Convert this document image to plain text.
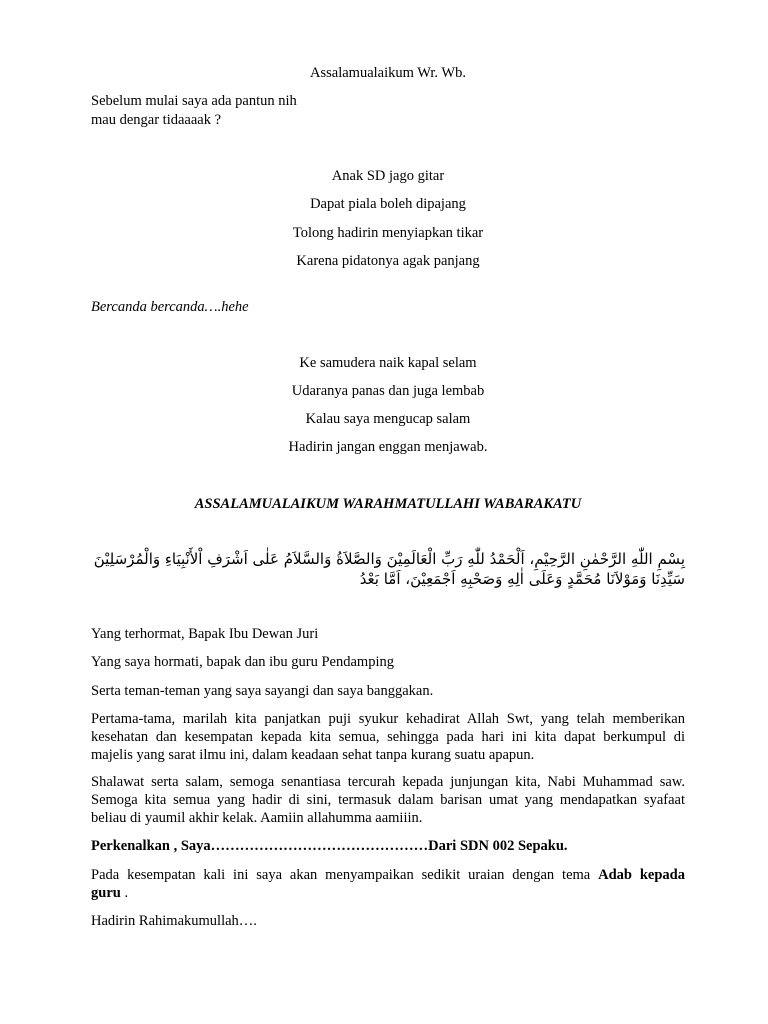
Assalamualaikum Wr. Wb.
Sebelum mulai saya ada pantun nih
mau dengar tidaaaak ?
Anak SD jago gitar
Dapat piala boleh dipajang
Tolong hadirin menyiapkan tikar
Karena pidatonya agak panjang
Bercanda bercanda….hehe
Ke samudera naik kapal selam
Udaranya panas dan juga lembab
Kalau saya mengucap salam
Hadirin jangan enggan menjawab.
ASSALAMUALAIKUM WARAHMATULLAHI WABARAKATU
بِسْمِ اللّٰهِ الرَّحْمٰنِ الرَّحِيْمِ، اَلْحَمْدُ للّٰهِ رَبِّ الْعَالَمِيْنَ وَالصَّلاَةُ وَالسَّلاَمُ عَلٰى اَشْرَفِ اْلأَنْبِيَاءِ وَالْمُرْسَلِيْنَ
سَيِّدِنَا وَمَوْلاَنَا مُحَمَّدٍ وَعَلَى اٰلِهِ وَصَحْبِهِ اَجْمَعِيْنَ، اَمَّا بَعْدُ
Yang terhormat, Bapak Ibu Dewan Juri
Yang saya hormati, bapak dan ibu guru Pendamping
Serta teman-teman yang saya sayangi dan saya banggakan.
Pertama-tama, marilah kita panjatkan puji syukur kehadirat Allah Swt, yang telah memberikan
kesehatan dan kesempatan kepada kita semua, sehingga pada hari ini kita dapat berkumpul di
majelis yang sarat ilmu ini, dalam keadaan sehat tanpa kurang suatu apapun.
Shalawat serta salam, semoga senantiasa tercurah kepada junjungan kita, Nabi Muhammad saw.
Semoga kita semua yang hadir di sini, termasuk dalam barisan umat yang mendapatkan syafaat
beliau di yaumil akhir kelak. Aamiin allahumma aamiiin.
Perkenalkan , Saya………………………………………Dari SDN 002 Sepaku.
Pada kesempatan kali ini saya akan menyampaikan sedikit uraian dengan tema Adab kepada
guru .
Hadirin Rahimakumullah….
